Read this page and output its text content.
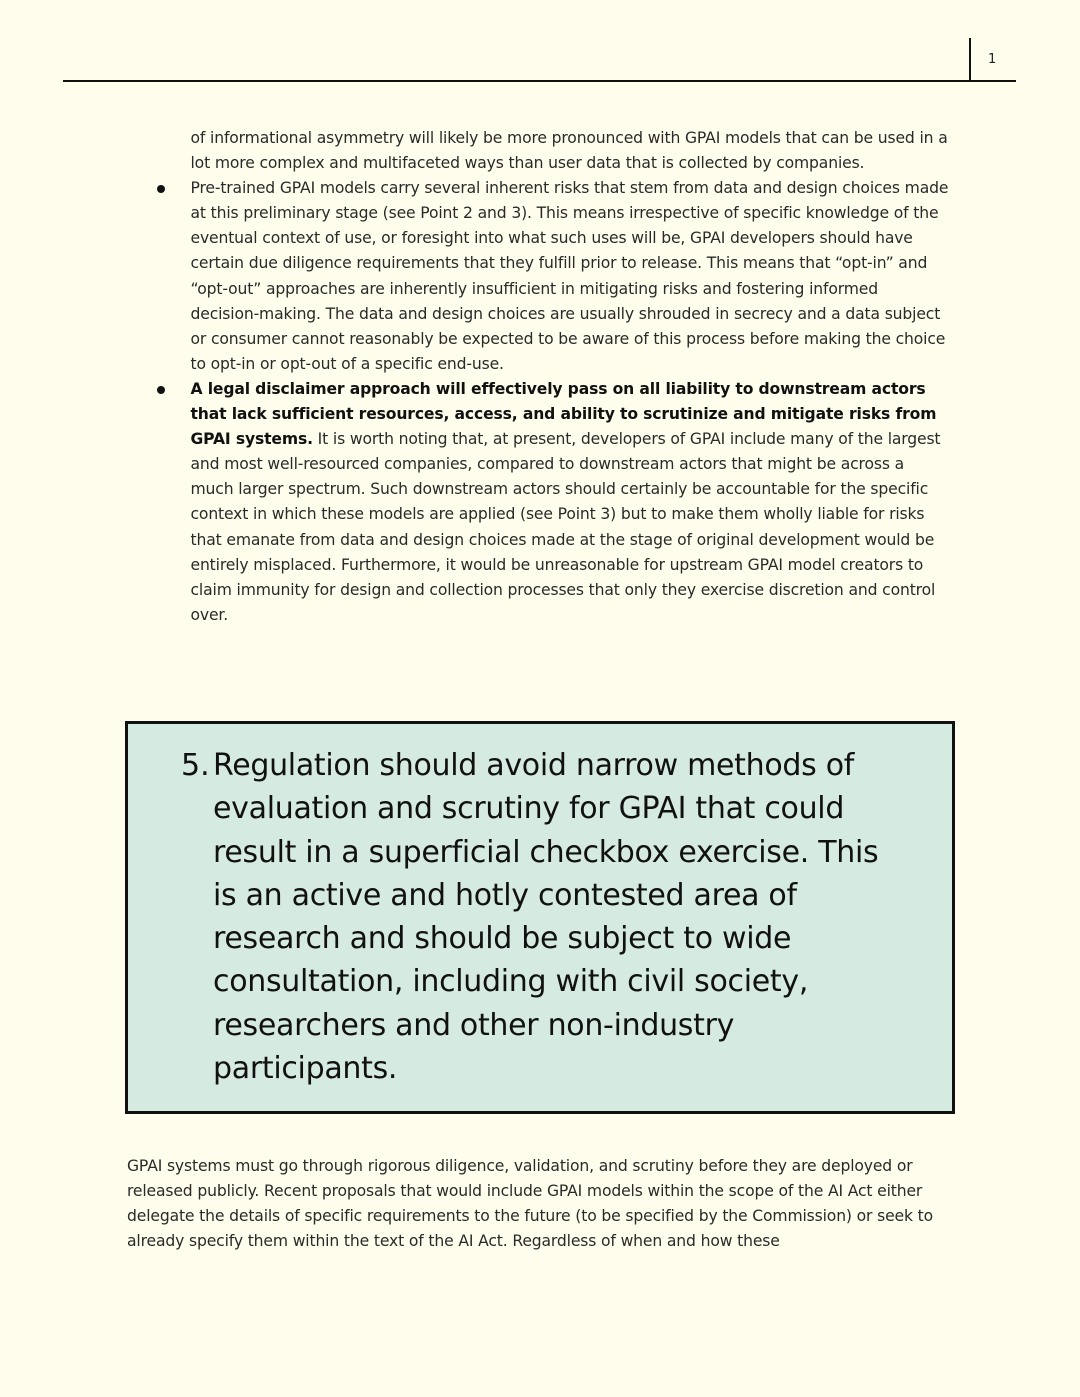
1
of informational asymmetry will likely be more pronounced with GPAI models that can be used in a lot more complex and multifaceted ways than user data that is collected by companies.
Pre-trained GPAI models carry several inherent risks that stem from data and design choices made at this preliminary stage (see Point 2 and 3). This means irrespective of specific knowledge of the eventual context of use, or foresight into what such uses will be, GPAI developers should have certain due diligence requirements that they fulfill prior to release. This means that “opt-in” and “opt-out” approaches are inherently insufficient in mitigating risks and fostering informed decision-making. The data and design choices are usually shrouded in secrecy and a data subject or consumer cannot reasonably be expected to be aware of this process before making the choice to opt-in or opt-out of a specific end-use.
A legal disclaimer approach will effectively pass on all liability to downstream actors that lack sufficient resources, access, and ability to scrutinize and mitigate risks from GPAI systems. It is worth noting that, at present, developers of GPAI include many of the largest and most well-resourced companies, compared to downstream actors that might be across a much larger spectrum. Such downstream actors should certainly be accountable for the specific context in which these models are applied (see Point 3) but to make them wholly liable for risks that emanate from data and design choices made at the stage of original development would be entirely misplaced. Furthermore, it would be unreasonable for upstream GPAI model creators to claim immunity for design and collection processes that only they exercise discretion and control over.
5. Regulation should avoid narrow methods of evaluation and scrutiny for GPAI that could result in a superficial checkbox exercise. This is an active and hotly contested area of research and should be subject to wide consultation, including with civil society, researchers and other non-industry participants.
GPAI systems must go through rigorous diligence, validation, and scrutiny before they are deployed or released publicly. Recent proposals that would include GPAI models within the scope of the AI Act either delegate the details of specific requirements to the future (to be specified by the Commission) or seek to already specify them within the text of the AI Act. Regardless of when and how these
